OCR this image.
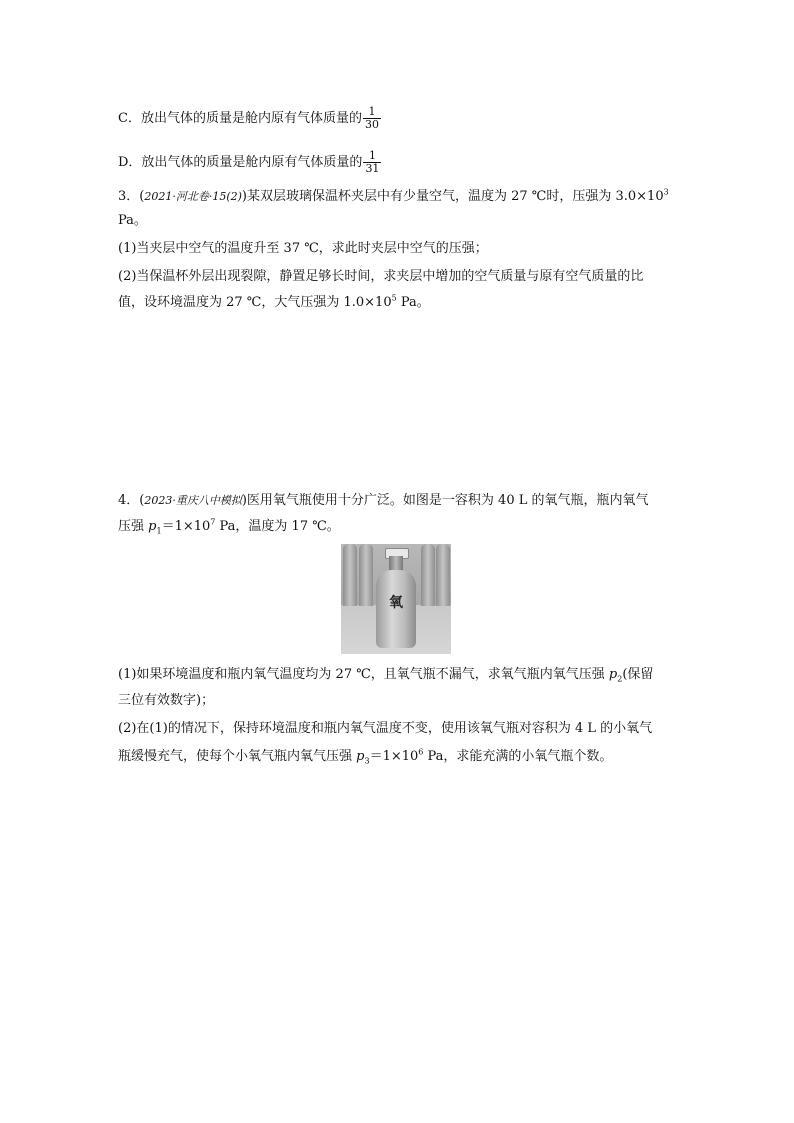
C．放出气体的质量是舱内原有气体质量的 $\frac{1}{30}$
D．放出气体的质量是舱内原有气体质量的 $\frac{1}{31}$
3．(2021·河北卷·15(2))某双层玻璃保温杯夹层中有少量空气，温度为 27 ℃时，压强为 $3.0\times 10^3$
Pa。
(1)当夹层中空气的温度升至 37 ℃，求此时夹层中空气的压强；
(2)当保温杯外层出现裂隙，静置足够长时间，求夹层中增加的空气质量与原有空气质量的比
值，设环境温度为 27 ℃，大气压强为 $1.0\times 10^5$ Pa。
4．(2023·重庆八中模拟)医用氧气瓶使用十分广泛。如图是一容积为 40 L 的氧气瓶，瓶内氧气
压强 $p_1=1\times 10^7$ Pa，温度为 17 ℃。
氧
(1)如果环境温度和瓶内氧气温度均为 27 ℃，且氧气瓶不漏气，求氧气瓶内氧气压强 $p_2$(保留
三位有效数字)；
(2)在(1)的情况下，保持环境温度和瓶内氧气温度不变，使用该氧气瓶对容积为 4 L 的小氧气
瓶缓慢充气，使每个小氧气瓶内氧气压强 $p_3=1\times 10^6$ Pa，求能充满的小氧气瓶个数。
